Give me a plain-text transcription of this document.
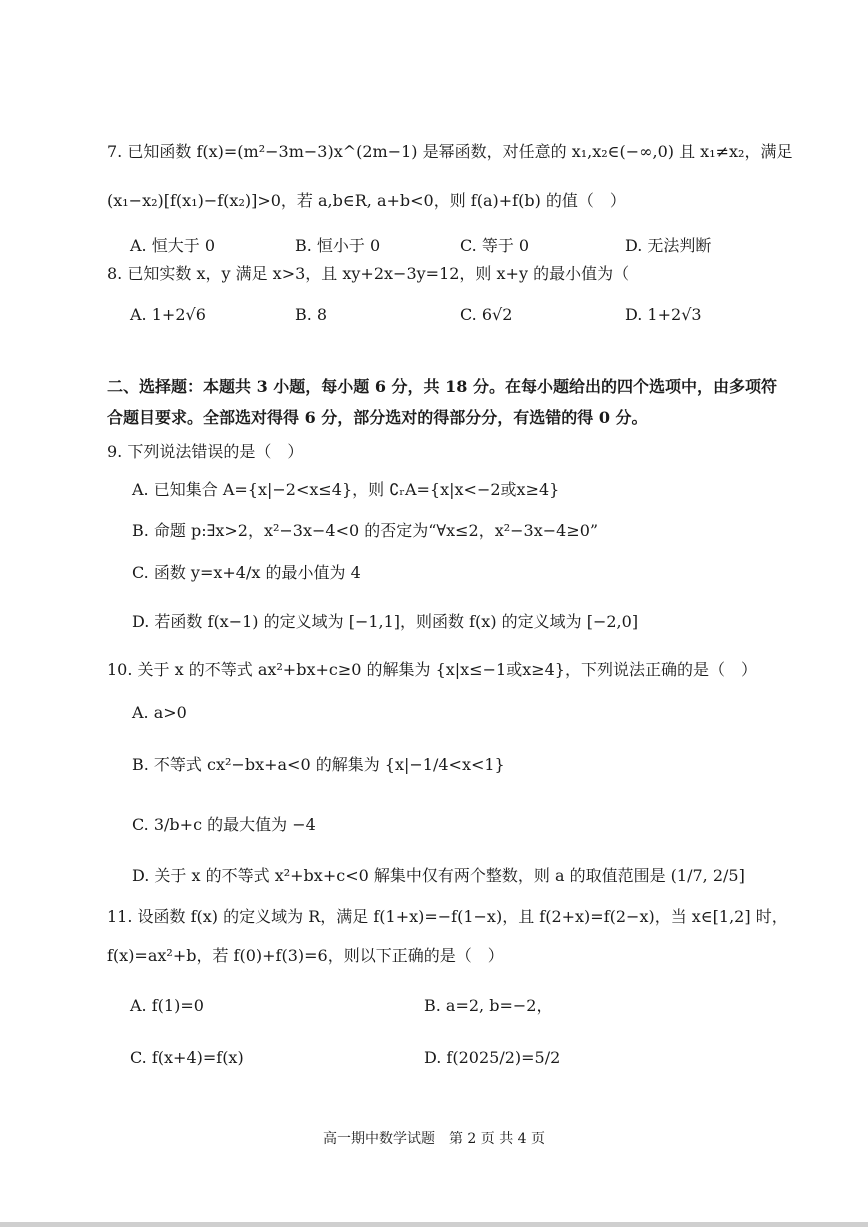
7. 已知函数 f(x)=(m²−3m−3)x^(2m−1) 是幂函数，对任意的 x₁,x₂∈(−∞,0) 且 x₁≠x₂，满足
(x₁−x₂)[f(x₁)−f(x₂)]>0，若 a,b∈R, a+b<0，则 f(a)+f(b) 的值（　）
A. 恒大于 0	B. 恒小于 0	C. 等于 0	D. 无法判断
8. 已知实数 x，y 满足 x>3，且 xy+2x−3y=12，则 x+y 的最小值为（
A. 1+2√6	B. 8	C. 6√2	D. 1+2√3
二、选择题：本题共 3 小题，每小题 6 分，共 18 分。在每小题给出的四个选项中，由多项符
合题目要求。全部选对得得 6 分，部分选对的得部分分，有选错的得 0 分。
9. 下列说法错误的是（　）
A. 已知集合 A={x|−2<x≤4}，则 ∁ᵣA={x|x<−2或x≥4}
B. 命题 p:∃x>2，x²−3x−4<0 的否定为“∀x≤2，x²−3x−4≥0”
C. 函数 y=x+4/x 的最小值为 4
D. 若函数 f(x−1) 的定义域为 [−1,1]，则函数 f(x) 的定义域为 [−2,0]
10. 关于 x 的不等式 ax²+bx+c≥0 的解集为 {x|x≤−1或x≥4}，下列说法正确的是（　）
A. a>0
B. 不等式 cx²−bx+a<0 的解集为 {x|−1/4<x<1}
C. 3/b+c 的最大值为 −4
D. 关于 x 的不等式 x²+bx+c<0 解集中仅有两个整数，则 a 的取值范围是 (1/7, 2/5]
11. 设函数 f(x) 的定义域为 R，满足 f(1+x)=−f(1−x)，且 f(2+x)=f(2−x)，当 x∈[1,2] 时，
f(x)=ax²+b，若 f(0)+f(3)=6，则以下正确的是（　）
A. f(1)=0	B. a=2, b=−2，
C. f(x+4)=f(x)	D. f(2025/2)=5/2
高一期中数学试题　第 2 页 共 4 页
